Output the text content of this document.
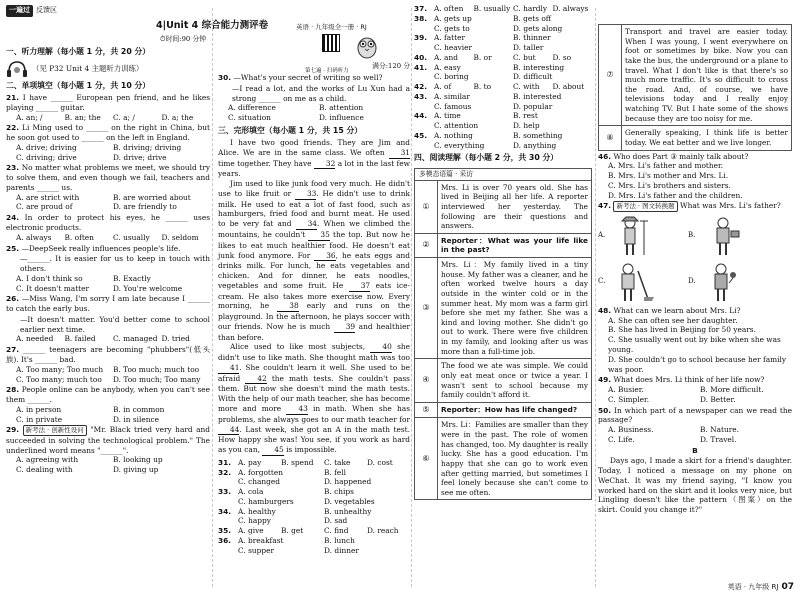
一遍过 反馈区
4|Unit 4 综合能力测评卷
⏱ 时间:90 分钟
一、听力理解（每小题 1 分，共 20 分）
（见 P32 Unit 4 主题听力训练）
二、单项填空（每小题 1 分，共 10 分）
21. I have ______ European pen friend, and he likes playing ______ guitar.
A. an; /	B. an; the	C. a; /	D. a; the
22. Li Ming used to ______ on the right in China, but he soon got used to ______ on the left in England.
A. drive; driving	B. driving; driving
C. driving; drive	D. drive; drive
23. No matter what problems we meet, we should try to solve them, and even though we fail, teachers and parents ______ us.
A. are strict with	B. are worried about
C. are proud of	D. are friendly to
24. In order to protect his eyes, he ______ uses electronic products.
A. always	B. often	C. usually	D. seldom
25. —DeepSeek really influences people's life.
—______. It is easier for us to keep in touch with others.
A. I don't think so	B. Exactly
C. It doesn't matter	D. You're welcome
26. —Miss Wang, I'm sorry I am late because I ______ to catch the early bus.
—It doesn't matter. You'd better come to school earlier next time.
A. needed	B. failed	C. managed D. tried
27. ______ teenagers are becoming "phubbers"(低头族). It's ______ bad.
A. Too many; Too much	B. Too much; much too
C. Too many; much too	D. Too much; Too many
28. People online can be anybody, when you can't see them ______.
A. in person	B. in common
C. in private	D. in silence
29. 新考法 · 创新性设问 "Mr. Black tried very hard and succeeded in solving the technological problem." The underlined word means "______".
A. agreeing with	B. looking up
C. dealing with	D. giving up
英语 · 九年级全一册 · RJ
第七遍 · 扫码听力
满分:120 分
30. —What's your secret of writing so well?
—I read a lot, and the works of Lu Xun had a strong ______ on me as a child.
A. difference	B. attention
C. situation	D. influence
三、完形填空（每小题 1 分，共 15 分）

I have two good friends. They are Jim and Alice. We are in the same class. We often 31 time together. They have 32 a lot in the last few years.

Jim used to like junk food very much. He didn't use to like fruit or 33. He didn't use to drink milk. He used to eat a lot of fast food, such as hamburgers, fried food and burnt meat. He used to be very fat and 34. When we climbed the mountains, he couldn't 35 the top. But now he likes to eat much healthier food. He doesn't eat junk food anymore. For 36, he eats eggs and drinks milk. For lunch, he eats vegetables and chicken. And for dinner, he eats noodles, vegetables and some fruit. He 37 eats ice-cream. He also takes more exercise now. Every morning, he	38 early and runs on the playground. In the afternoon, he plays soccer with our friends. Now he is much 39 and healthier than before.

Alice used to like most subjects, 40 she didn't use to like math. She thought math was too 41. She couldn't learn it well. She used to be afraid 42 the math tests. She couldn't pass them. But now she doesn't mind the math tests. With the help of our math teacher, she has become more and more 43 in math. When she has problems, she always goes to our math teacher for 44. Last week, she got an A in the math test. How happy she was! You see, if you work as hard as you can, 45 is impossible.

31. A. pay	B. spend	C. take	D. cost
32. A. forgotten	B. fell
C. changed	D. happened
33. A. cola	B. chips
C. hamburgers	D. vegetables
34. A. healthy	B. unhealthy
C. happy	D. sad
35. A. give	B. get	C. find	D. reach
36. A. breakfast	B. lunch
C. supper	D. dinner
37. A. often	B. usually C. hardly D. always
38. A. gets up	B. gets off
C. gets to	D. gets along
39. A. fatter	B. thinner
C. heavier	D. taller
40. A. and	B. or	C. but	D. so
41. A. easy	B. interesting
C. boring	D. difficult
42. A. of	B. to	C. with	D. about
43. A. similar	B. interested
C. famous	D. popular
44. A. time	B. rest
C. attention	D. help
45. A. nothing	B. something
C. everything	D. anything
四、阅读理解（每小题 2 分，共 30 分）
多模态语篇 · 采访
①	Mrs. Li is over 70 years old. She has lived in Beijing all her life. A reporter interviewed her yesterday. The following are their questions and answers.
②	Reporter：What was your life like in the past?
③	Mrs. Li：My family lived in a tiny house. My father was a cleaner, and he often worked twelve hours a day outside in the winter cold or in the summer heat. My mom was a farm girl before she met my father. She was a kind and loving mother. She didn't go out to work. There were five children in my family, and looking after us was more than a full-time job.
④	The food we ate was simple. We could only eat meat once or twice a year. I wasn't sent to school because my family couldn't afford it.
⑤	Reporter：How has life changed?
⑥	Mrs. Li：Families are smaller than they were in the past. The role of women has changed, too. My daughter is really lucky. She has a good education. I'm happy that she can go to work even after getting married, but sometimes I feel lonely because she can't come to see me often.
⑦	Transport and travel are easier today. When I was young, I went everywhere on foot or sometimes by bike. Now you can take the bus, the underground or a plane to travel. What I don't like is that there's so much more traffic. It's so difficult to cross the road. And, of course, we have televisions today and I really enjoy watching TV. But I hate some of the shows because they are too noisy for me.
⑧	Generally speaking, I think life is better today. We eat better and we live longer.
46. Who does Part ③ mainly talk about?
A. Mrs. Li's father and mother.
B. Mrs. Li's mother and Mrs. Li.
C. Mrs. Li's brothers and sisters.
D. Mrs. Li's father and the children.
47. 新考法 · 图文转换题 What was Mrs. Li's father?
A.	B.
C.	D.
48. What can we learn about Mrs. Li?
A. She can often see her daughter.
B. She has lived in Beijing for 50 years.
C. She usually went out by bike when she was young.
D. She couldn't go to school because her family was poor.
49. What does Mrs. Li think of her life now?
A. Busier.	B. More difficult.
C. Simpler.	D. Better.
50. In which part of a newspaper can we read the passage?
A. Business.	B. Nature.
C. Life.	D. Travel.
B

Days ago, I made a skirt for a friend's daughter. Today, I noticed a message on my phone on WeChat. It was my friend saying, "I know you worked hard on the skirt and it looks very nice, but Lingling doesn't like the pattern（图案）on the skirt. Could you change it?"

英语 · 九年级 RJ 07
